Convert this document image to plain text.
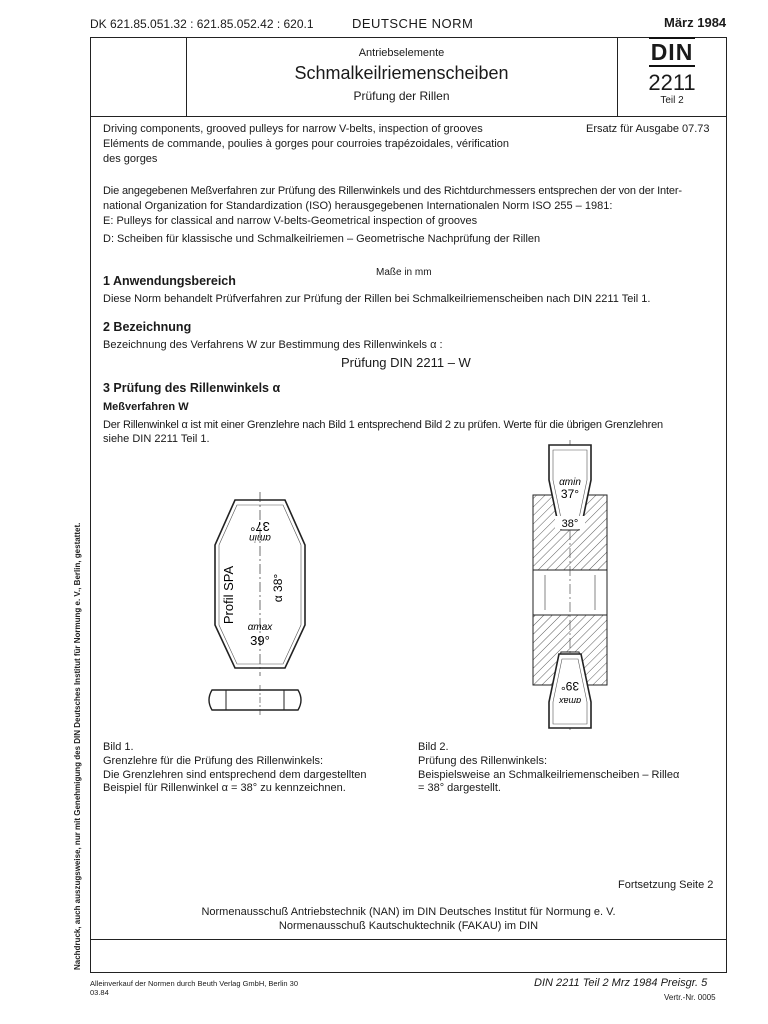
DK 621.85.051.32 : 621.85.052.42 : 620.1	DEUTSCHE NORM	März 1984
Nachdruck, auch auszugsweise, nur mit Genehmigung des DIN Deutsches Institut für Normung e. V., Berlin, gestattet.
Antriebselemente
Schmalkeilriemenscheiben
Prüfung der Rillen
DIN
2211
Teil 2
Driving components, grooved pulleys for narrow V-belts, inspection of grooves
Eléments de commande, poulies à gorges pour courroies trapézoidales, vérification
des gorges
Ersatz für Ausgabe 07.73
Die angegebenen Meßverfahren zur Prüfung des Rillenwinkels und des Richtdurchmessers entsprechen der von der Inter-
national Organization for Standardization (ISO) herausgegebenen Internationalen Norm ISO 255 – 1981:
E: Pulleys for classical and narrow V-belts-Geometrical inspection of grooves
D: Scheiben für klassische und Schmalkeilriemen – Geometrische Nachprüfung der Rillen
Maße in mm
1 Anwendungsbereich
Diese Norm behandelt Prüfverfahren zur Prüfung der Rillen bei Schmalkeilriemenscheiben nach DIN 2211 Teil 1.
2 Bezeichnung
Bezeichnung des Verfahrens W zur Bestimmung des Rillenwinkels α :
Prüfung DIN 2211 – W
3 Prüfung des Rillenwinkels α
Meßverfahren W
Der Rillenwinkel α ist mit einer Grenzlehre nach Bild 1 entsprechend Bild 2 zu prüfen. Werte für die übrigen Grenzlehren
siehe DIN 2211 Teil 1.
Profil SPA	α 38°
37°
αmin
αmax
39°
αmin
37°
38°
39°
αmax
Bild 1.
Grenzlehre für die Prüfung des Rillenwinkels:
Die Grenzlehren sind entsprechend dem dargestellten
Beispiel für Rillenwinkel α = 38° zu kennzeichnen.
Bild 2.
Prüfung des Rillenwinkels:
Beispielsweise an Schmalkeilriemenscheiben – Rilleα
= 38° dargestellt.
Fortsetzung Seite 2
Normenausschuß Antriebstechnik (NAN) im DIN Deutsches Institut für Normung e. V.
Normenausschuß Kautschuktechnik (FAKAU) im DIN
Alleinverkauf der Normen durch Beuth Verlag GmbH, Berlin 30
03.84
DIN 2211 Teil 2 Mrz 1984 Preisgr. 5
Vertr.-Nr. 0005
